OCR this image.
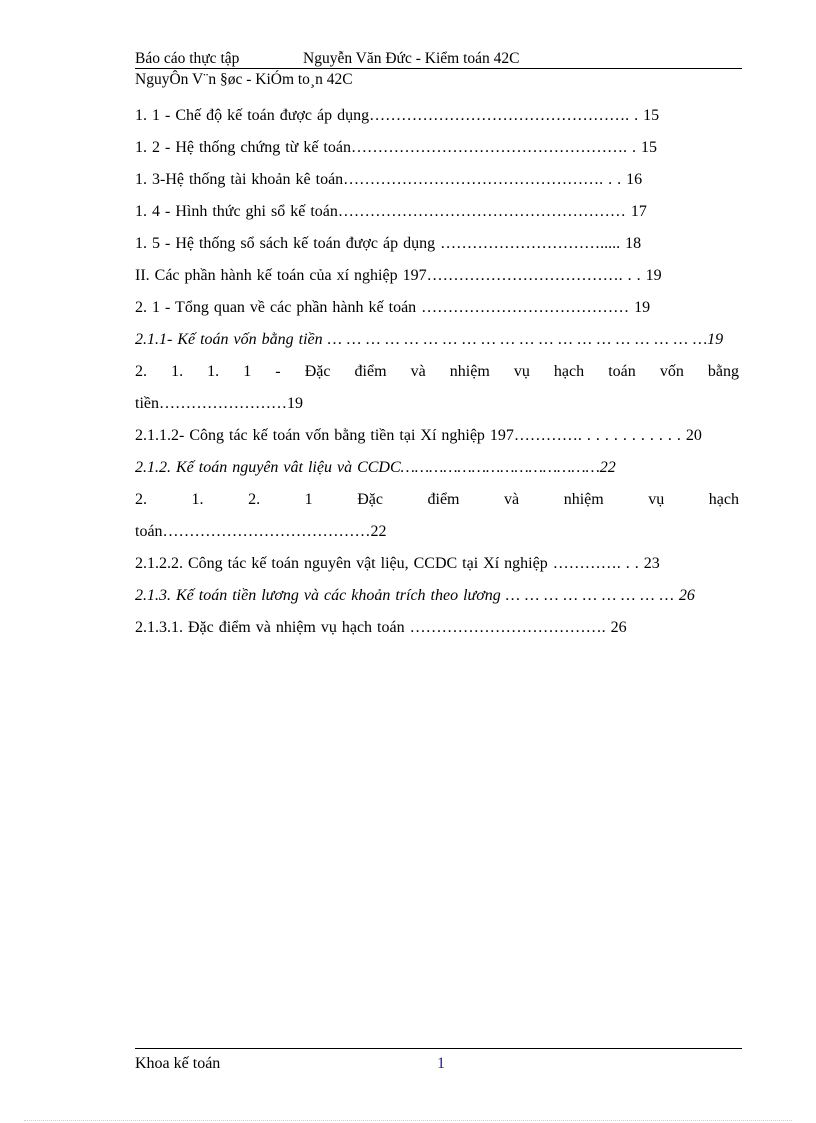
Báo cáo thực tập	Nguyễn Văn Đức - Kiểm toán 42C
NguyÔn V¨n §øc - KiÓm to¸n 42C
1. 1 - Chế độ kế toán được áp dụng…………………………………………. . 15
1. 2 - Hệ thống chứng từ kế toán……………………………………………. . 15
1. 3-Hệ thống tài khoản kê toán…………………………………………. . . 16
1. 4 - Hình thức ghi sổ kế toán……………………………………………… 17
1. 5 - Hệ thống sổ sách kế toán được áp dụng …………………………..... 18
II. Các phần hành kế toán của xí nghiệp 197………………………………. . . 19
2. 1 - Tổng quan về các phần hành kế toán ………………………………… 19
2.1.1- Kế toán vốn bằng tiền … … … … … … … … … … … … … … … … … … … …19
2. 1. 1. 1 - Đặc điểm và nhiệm vụ hạch toán vốn bằng tiền……………………19
2.1.1.2- Công tác kế toán vốn bằng tiền tại Xí nghiệp 197…………. . . . . . . . . . . . 20
2.1.2. Kế toán nguyên vât liệu và CCDC……………………………………22
2. 1. 2. 1 Đặc điểm và nhiệm vụ hạch toán…………………………………22
2.1.2.2. Công tác kế toán nguyên vật liệu, CCDC tại Xí nghiệp …………. . . 23
2.1.3. Kế toán tiền lương và các khoản trích theo lương … … … … … … … … … 26
2.1.3.1. Đặc điểm và nhiệm vụ hạch toán ………………………………. 26
Khoa kế toán	1
